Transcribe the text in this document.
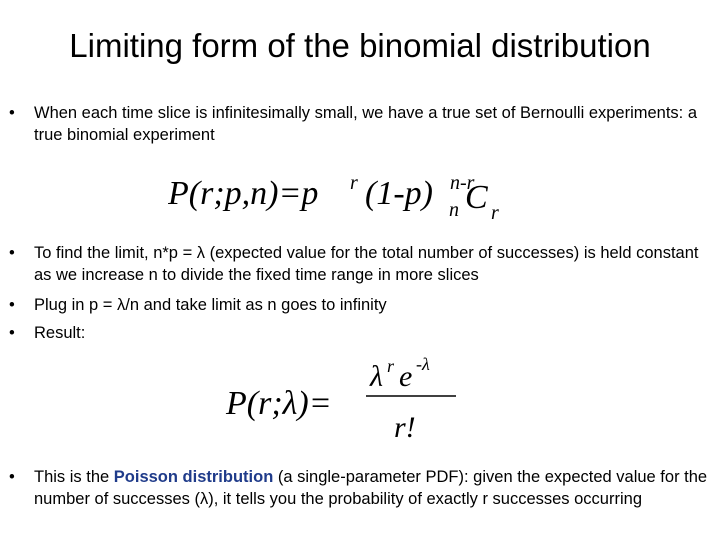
Limiting form of the binomial distribution
• When each time slice is infinitesimally small, we have a true set of Bernoulli experiments: a true binomial experiment
P(r;p,n)=p r (1-p) n-r
n C r
• To find the limit, n*p = λ (expected value for the total number of successes) is held constant as we increase n to divide the fixed time range in more slices
• Plug in p = λ/n and take limit as n goes to infinity
• Result:
P(r;λ)=
λ r e -λ
r!
• This is the Poisson distribution (a single-parameter PDF): given the expected value for the number of successes (λ), it tells you the probability of exactly r successes occurring
